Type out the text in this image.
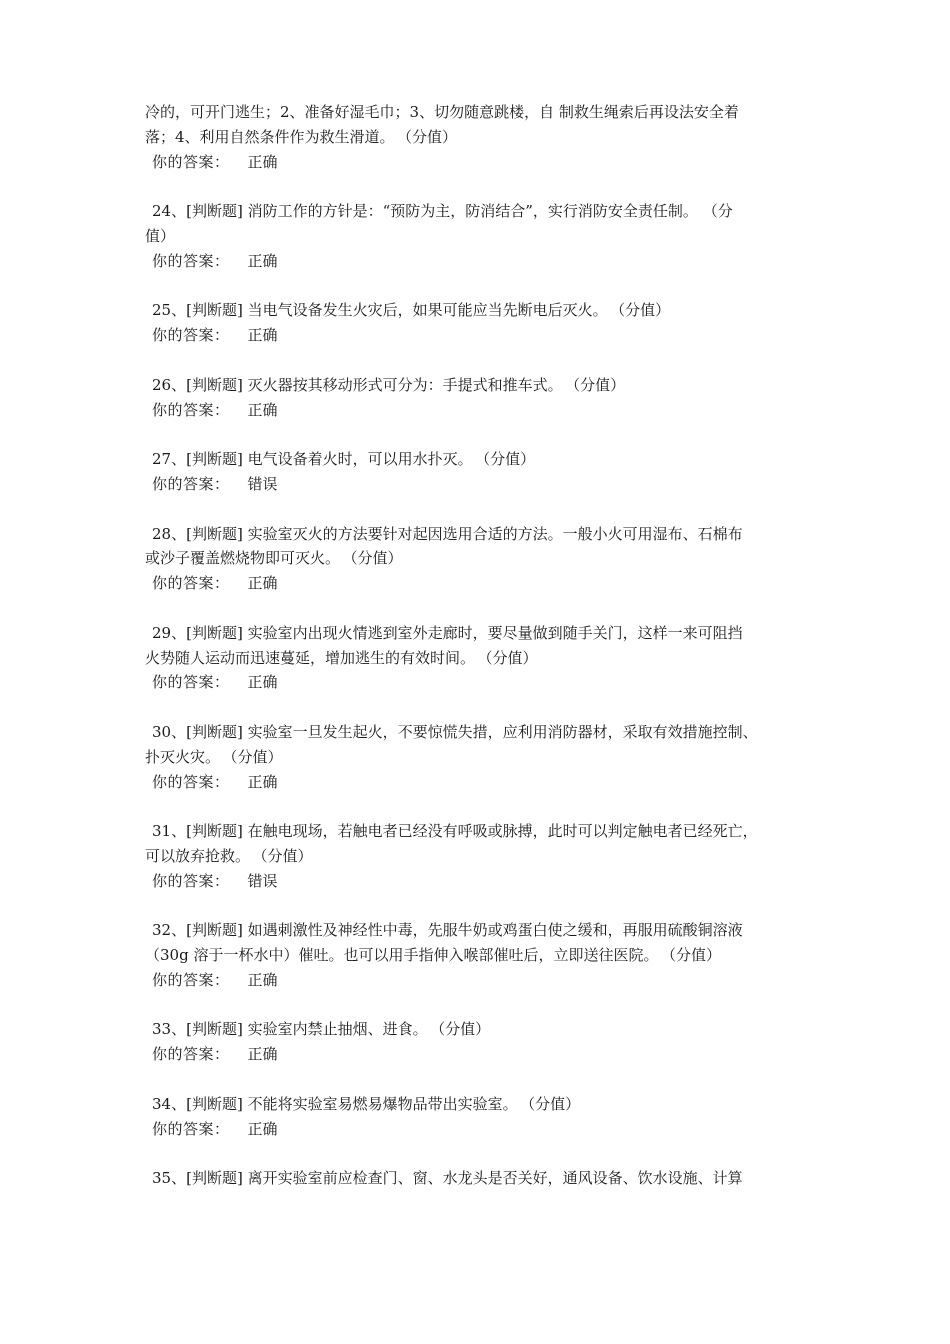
冷的，可开门逃生；2、准备好湿毛巾；3、切勿随意跳楼，自 制救生绳索后再设法安全着
落；4、利用自然条件作为救生滑道。 （分值）
你的答案： 正确
24、[判断题] 消防工作的方针是：“预防为主，防消结合”，实行消防安全责任制。 （分
值）
你的答案： 正确
25、[判断题] 当电气设备发生火灾后，如果可能应当先断电后灭火。 （分值）
你的答案： 正确
26、[判断题] 灭火器按其移动形式可分为：手提式和推车式。 （分值）
你的答案： 正确
27、[判断题] 电气设备着火时，可以用水扑灭。 （分值）
你的答案： 错误
28、[判断题] 实验室灭火的方法要针对起因选用合适的方法。一般小火可用湿布、石棉布
或沙子覆盖燃烧物即可灭火。 （分值）
你的答案： 正确
29、[判断题] 实验室内出现火情逃到室外走廊时，要尽量做到随手关门，这样一来可阻挡
火势随人运动而迅速蔓延，增加逃生的有效时间。 （分值）
你的答案： 正确
30、[判断题] 实验室一旦发生起火，不要惊慌失措，应利用消防器材，采取有效措施控制、
扑灭火灾。 （分值）
你的答案： 正确
31、[判断题] 在触电现场，若触电者已经没有呼吸或脉搏，此时可以判定触电者已经死亡，
可以放弃抢救。 （分值）
你的答案： 错误
32、[判断题] 如遇刺激性及神经性中毒，先服牛奶或鸡蛋白使之缓和，再服用硫酸铜溶液
（30g 溶于一杯水中）催吐。也可以用手指伸入喉部催吐后，立即送往医院。 （分值）
你的答案： 正确
33、[判断题] 实验室内禁止抽烟、进食。 （分值）
你的答案： 正确
34、[判断题] 不能将实验室易燃易爆物品带出实验室。 （分值）
你的答案： 正确
35、[判断题] 离开实验室前应检查门、窗、水龙头是否关好，通风设备、饮水设施、计算
